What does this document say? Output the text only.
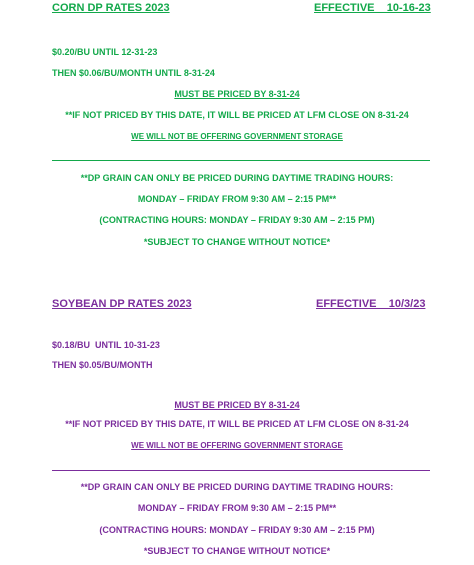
CORN DP RATES 2023	EFFECTIVE    10-16-23
$0.20/BU UNTIL 12-31-23
THEN $0.06/BU/MONTH UNTIL 8-31-24
MUST BE PRICED BY 8-31-24
**IF NOT PRICED BY THIS DATE, IT WILL BE PRICED AT LFM CLOSE ON 8-31-24
WE WILL NOT BE OFFERING GOVERNMENT STORAGE
**DP GRAIN CAN ONLY BE PRICED DURING DAYTIME TRADING HOURS:
MONDAY – FRIDAY FROM 9:30 AM – 2:15 PM**
(CONTRACTING HOURS: MONDAY – FRIDAY 9:30 AM – 2:15 PM)
*SUBJECT TO CHANGE WITHOUT NOTICE*
SOYBEAN DP RATES 2023	EFFECTIVE    10/3/23
$0.18/BU  UNTIL 10-31-23
THEN $0.05/BU/MONTH
MUST BE PRICED BY 8-31-24
**IF NOT PRICED BY THIS DATE, IT WILL BE PRICED AT LFM CLOSE ON 8-31-24
WE WILL NOT BE OFFERING GOVERNMENT STORAGE
**DP GRAIN CAN ONLY BE PRICED DURING DAYTIME TRADING HOURS:
MONDAY – FRIDAY FROM 9:30 AM – 2:15 PM**
(CONTRACTING HOURS: MONDAY – FRIDAY 9:30 AM – 2:15 PM)
*SUBJECT TO CHANGE WITHOUT NOTICE*
